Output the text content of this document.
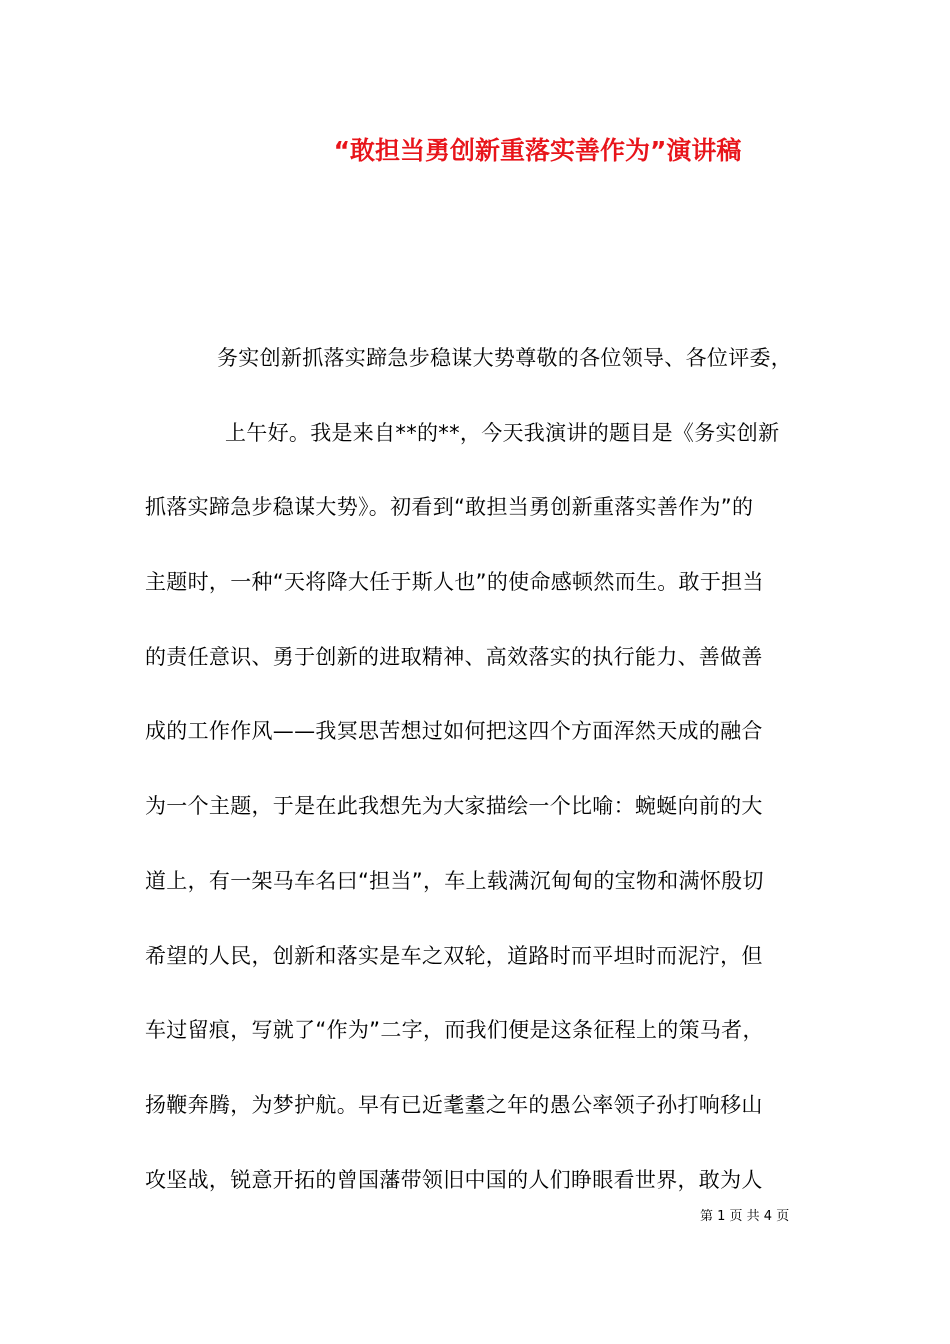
“敢担当勇创新重落实善作为”演讲稿
务实创新抓落实蹄急步稳谋大势尊敬的各位领导、各位评委，
上午好。我是来自**的**，今天我演讲的题目是《务实创新
抓落实蹄急步稳谋大势》。初看到“敢担当勇创新重落实善作为”的
主题时，一种“天将降大任于斯人也”的使命感顿然而生。敢于担当
的责任意识、勇于创新的进取精神、高效落实的执行能力、善做善
成的工作作风——我冥思苦想过如何把这四个方面浑然天成的融合
为一个主题，于是在此我想先为大家描绘一个比喻：蜿蜒向前的大
道上，有一架马车名曰“担当”，车上载满沉甸甸的宝物和满怀殷切
希望的人民，创新和落实是车之双轮，道路时而平坦时而泥泞，但
车过留痕，写就了“作为”二字，而我们便是这条征程上的策马者，
扬鞭奔腾，为梦护航。早有已近耄耋之年的愚公率领子孙打响移山
攻坚战，锐意开拓的曾国藩带领旧中国的人们睁眼看世界，敢为人
第 1 页 共 4 页
